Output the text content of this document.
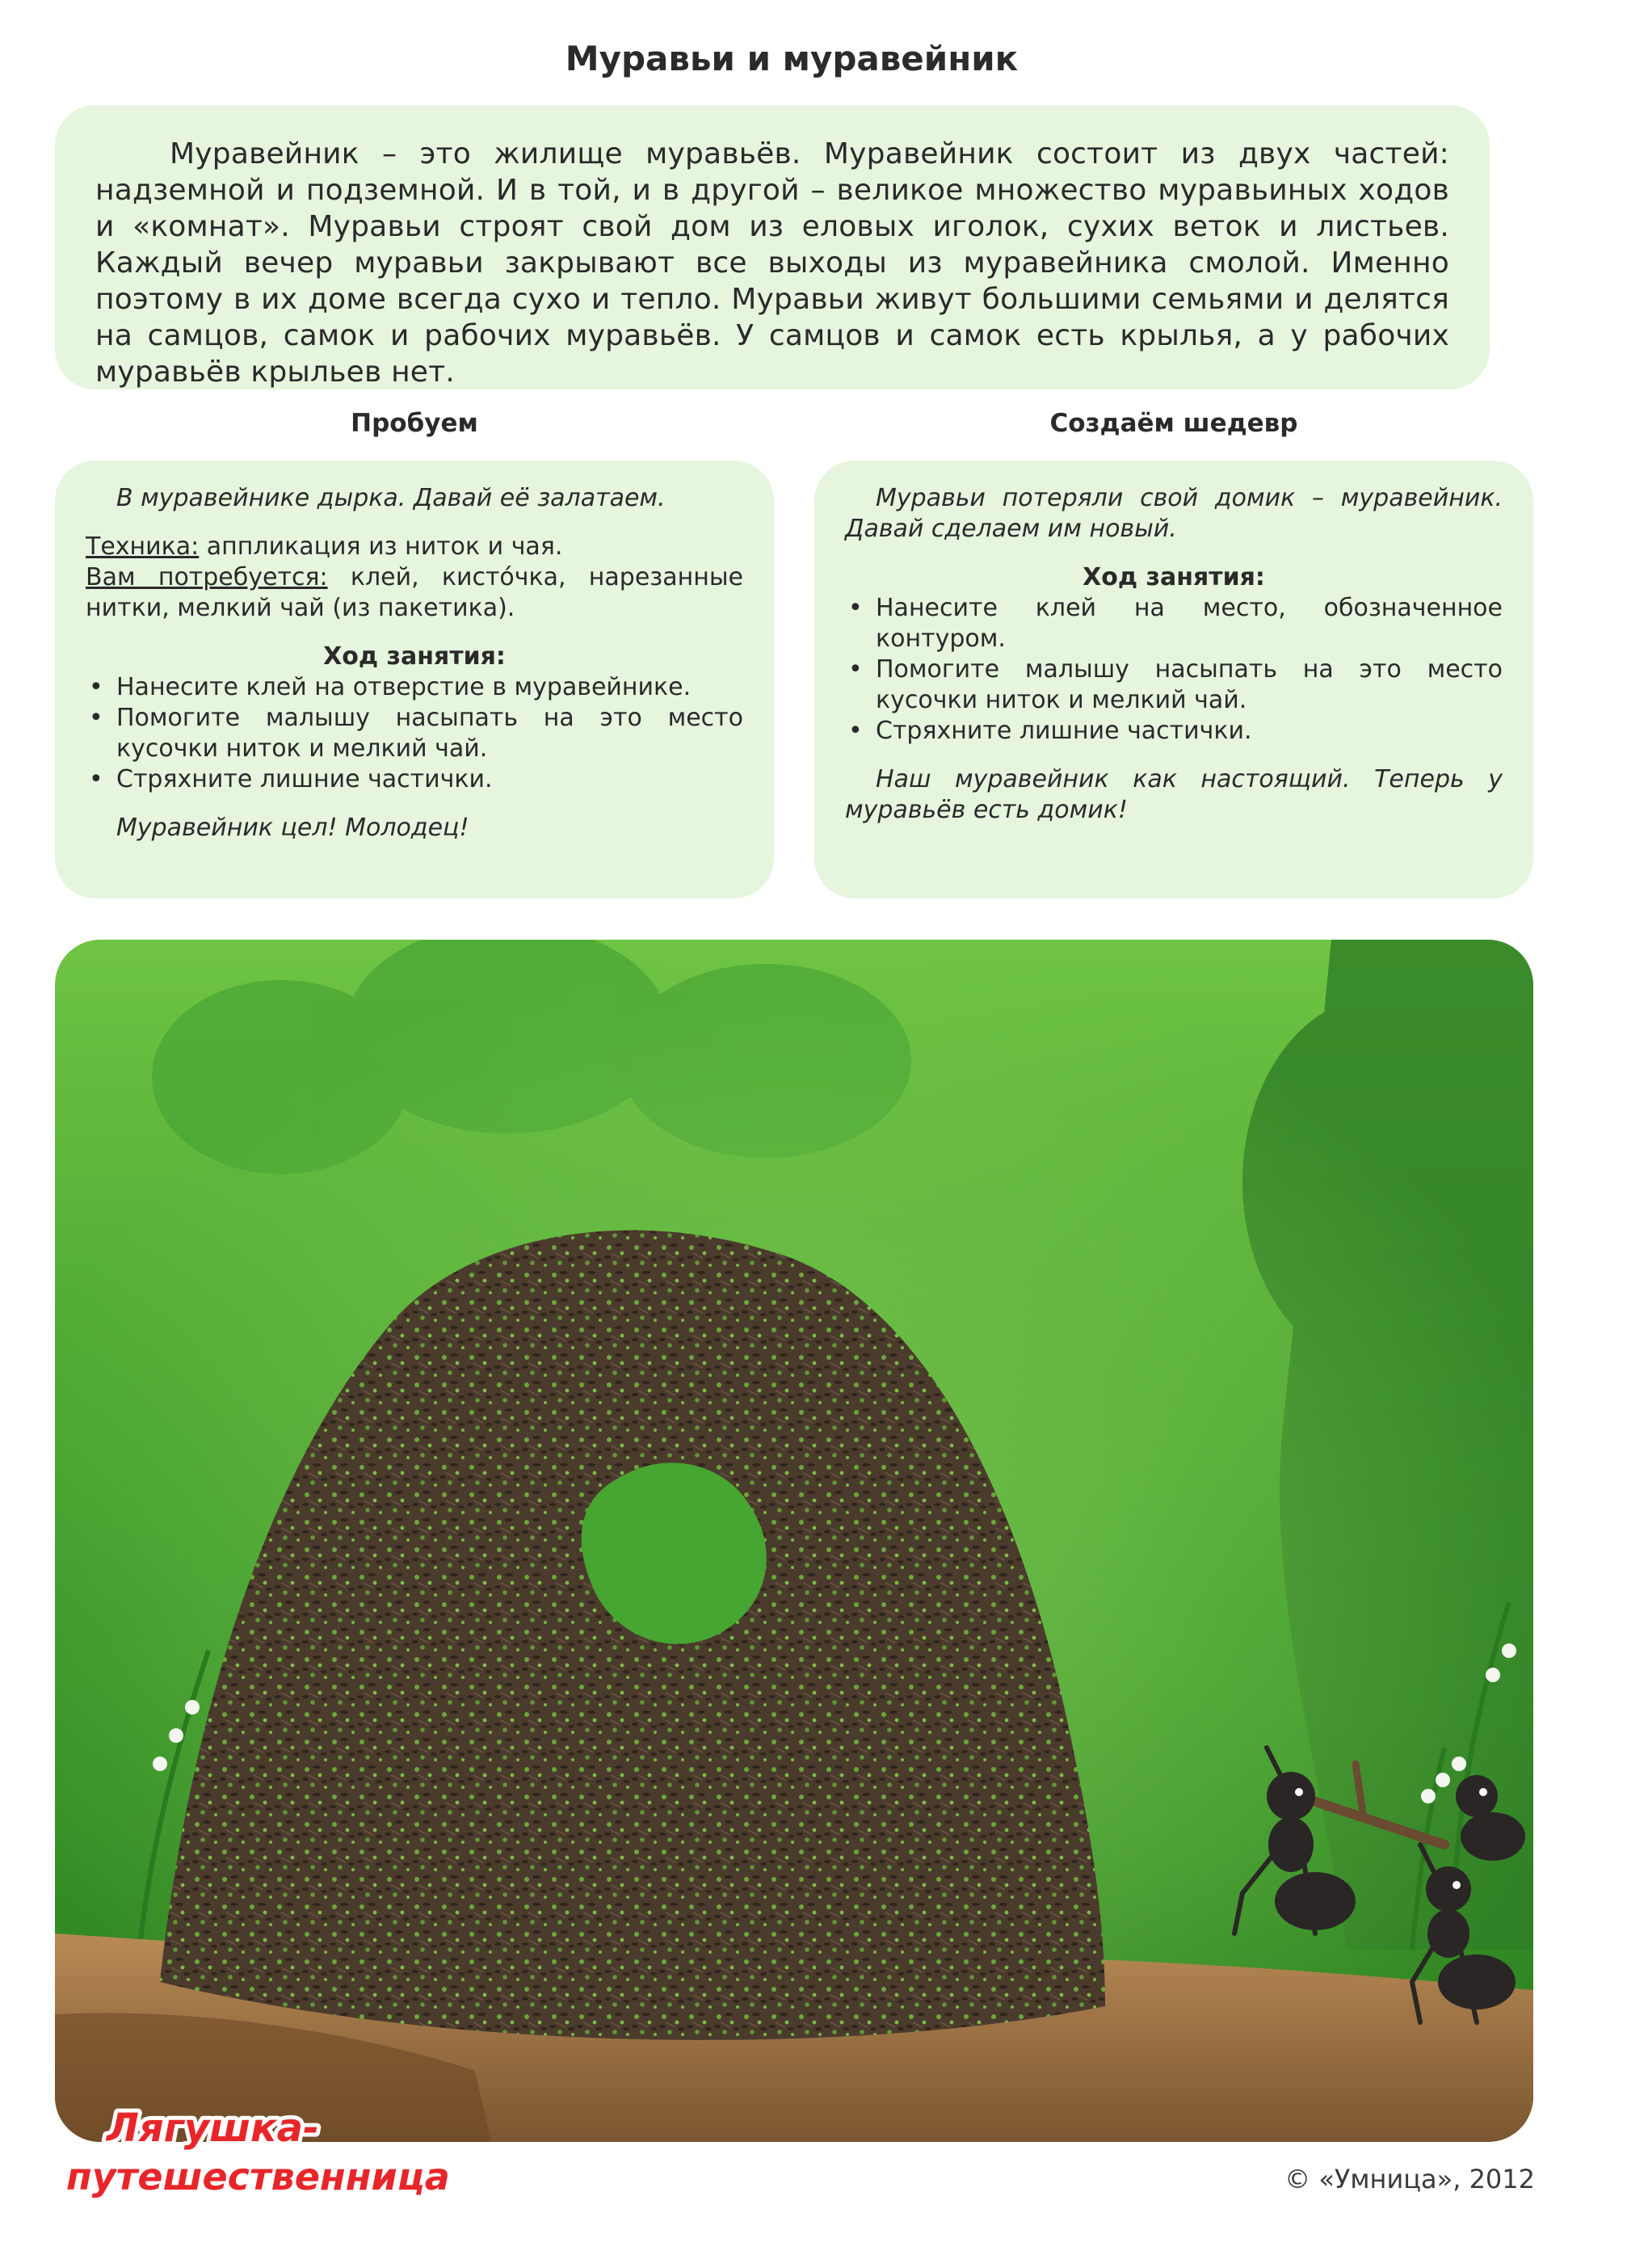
Муравьи и муравейник

Муравейник – это жилище муравьёв. Муравейник состоит из двух частей: надземной и подземной. И в той, и в другой – великое множество муравьиных ходов и «комнат». Муравьи строят свой дом из еловых иголок, сухих веток и листьев. Каждый вечер муравьи закрывают все выходы из муравейника смолой. Именно поэтому в их доме всегда сухо и тепло. Муравьи живут большими семьями и делятся на самцов, самок и рабочих муравьёв. У самцов и самок есть крылья, а у рабочих муравьёв крыльев нет.

Пробуем	Создаём шедевр

В муравейнике дырка. Давай её залатаем.

Техника: аппликация из ниток и чая.

Вам потребуется: клей, кисто́чка, нарезанные нитки, мелкий чай (из пакетика).

Ход занятия:
• Нанесите клей на отверстие в муравейнике.
• Помогите малышу насыпать на это место кусочки ниток и мелкий чай.
• Стряхните лишние частички.

Муравейник цел! Молодец!

Муравьи потеряли свой домик – муравейник. Давай сделаем им новый.

Ход занятия:
• Нанесите клей на место, обозначенное контуром.
• Помогите малышу насыпать на это место кусочки ниток и мелкий чай.
• Стряхните лишние частички.

Наш муравейник как настоящий. Теперь у муравьёв есть домик!

Лягушка-
путешественница	© «Умница», 2012
